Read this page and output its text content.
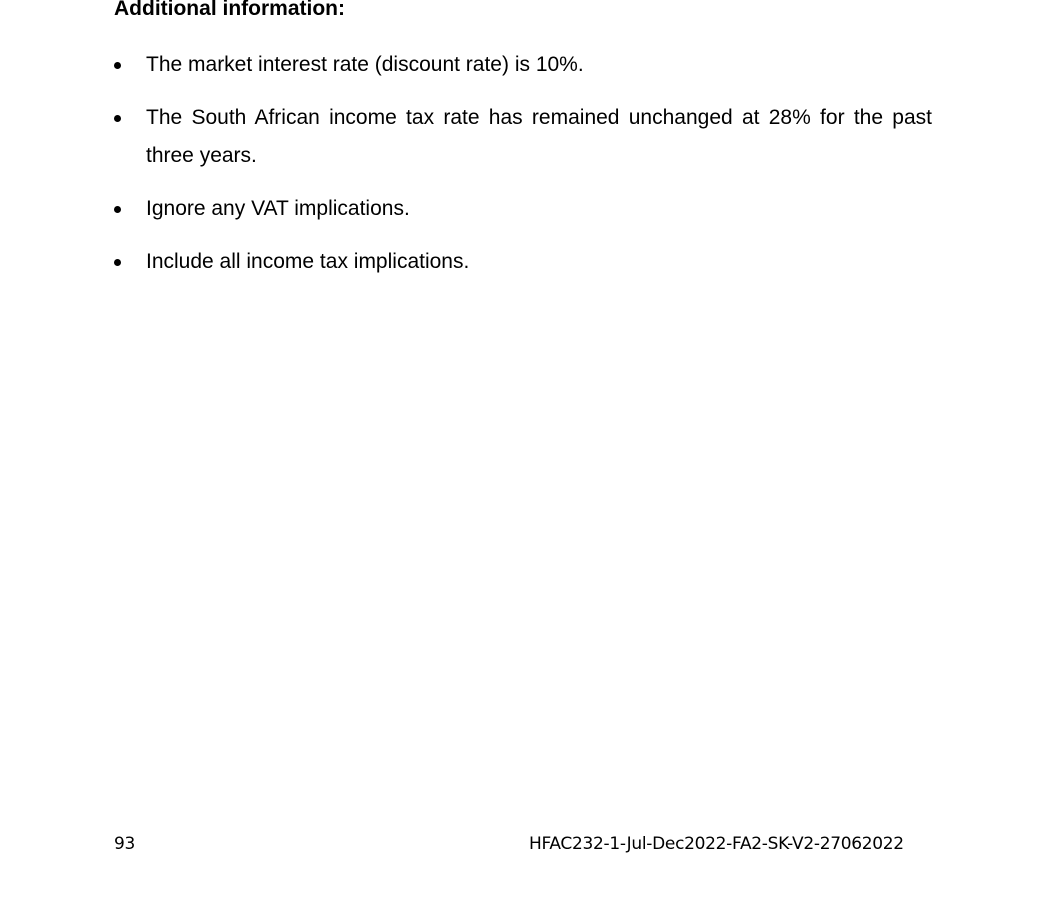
Additional information:
The market interest rate (discount rate) is 10%.
The South African income tax rate has remained unchanged at 28% for the past three years.
Ignore any VAT implications.
Include all income tax implications.
93	HFAC232-1-Jul-Dec2022-FA2-SK-V2-27062022
